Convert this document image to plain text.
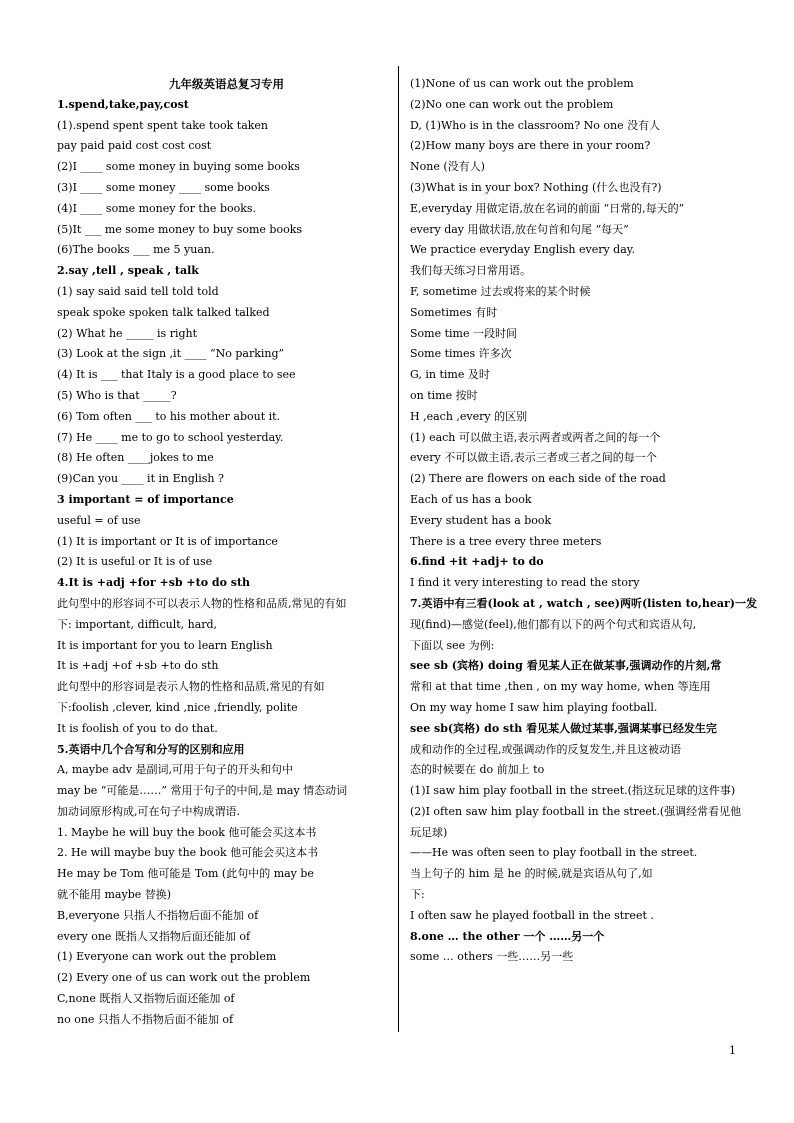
九年级英语总复习专用

1.spend,take,pay,cost

(1).spend spent spent take took taken

pay paid paid cost cost cost

(2)I ____ some money in buying some books

(3)I ____ some money ____ some books

(4)I ____ some money for the books.

(5)It ___ me some money to buy some books

(6)The books ___ me 5 yuan.

2.say ,tell , speak , talk

(1) say said said tell told told

speak spoke spoken talk talked talked

(2) What he _____ is right

(3) Look at the sign ,it ____ “No parking”

(4) It is ___ that Italy is a good place to see

(5) Who is that _____?

(6) Tom often ___ to his mother about it.

(7) He ____ me to go to school yesterday.

(8) He often ____jokes to me

(9)Can you ____ it in English ?

3 important = of importance

useful = of use

(1) It is important or It is of importance

(2) It is useful or It is of use

4.It is +adj +for +sb +to do sth

此句型中的形容词不可以表示人物的性格和品质,常见的有如

下: important, difficult, hard,

It is important for you to learn English

It is +adj +of +sb +to do sth

此句型中的形容词是表示人物的性格和品质,常见的有如

下:foolish ,clever, kind ,nice ,friendly, polite

It is foolish of you to do that.

5.英语中几个合写和分写的区别和应用

A, maybe adv 是副词,可用于句子的开头和句中

may be “可能是……” 常用于句子的中间,是 may 情态动词

加动词原形构成,可在句子中构成谓语.

1. Maybe he will buy the book 他可能会买这本书

2. He will maybe buy the book 他可能会买这本书

He may be Tom 他可能是 Tom (此句中的 may be

就不能用 maybe 替换)

B,everyone 只指人不指物后面不能加 of

every one 既指人又指物后面还能加 of

(1) Everyone can work out the problem

(2) Every one of us can work out the problem

C,none 既指人又指物后面还能加 of

no one 只指人不指物后面不能加 of

(1)None of us can work out the problem

(2)No one can work out the problem

D, (1)Who is in the classroom? No one 没有人

(2)How many boys are there in your room?

None (没有人)

(3)What is in your box? Nothing (什么也没有?)

E,everyday 用做定语,放在名词的前面 “日常的,每天的”

every day 用做状语,放在句首和句尾 “每天”

We practice everyday English every day.

我们每天练习日常用语。

F, sometime 过去或将来的某个时候

Sometimes 有时

Some time 一段时间

Some times 许多次

G, in time 及时

on time 按时

H ,each ,every 的区别

(1) each 可以做主语,表示两者或两者之间的每一个

every 不可以做主语,表示三者或三者之间的每一个

(2) There are flowers on each side of the road

Each of us has a book

Every student has a book

There is a tree every three meters

6.find +it +adj+ to do

I find it very interesting to read the story

7.英语中有三看(look at , watch , see)两听(listen to,hear)一发

现(find)—感觉(feel),他们都有以下的两个句式和宾语从句,

下面以 see 为例:

see sb (宾格) doing 看见某人正在做某事,强调动作的片刻,常

常和 at that time ,then , on my way home, when 等连用

On my way home I saw him playing football.

see sb(宾格) do sth 看见某人做过某事,强调某事已经发生完

成和动作的全过程,或强调动作的反复发生,并且这被动语

态的时候要在 do 前加上 to

(1)I saw him play football in the street.(指这玩足球的这件事)

(2)I often saw him play football in the street.(强调经常看见他

玩足球)

——He was often seen to play football in the street.

当上句子的 him 是 he 的时候,就是宾语从句了,如

下:

I often saw he played football in the street .

8.one … the other 一个 ……另一个

some … others 一些……另一些

1
